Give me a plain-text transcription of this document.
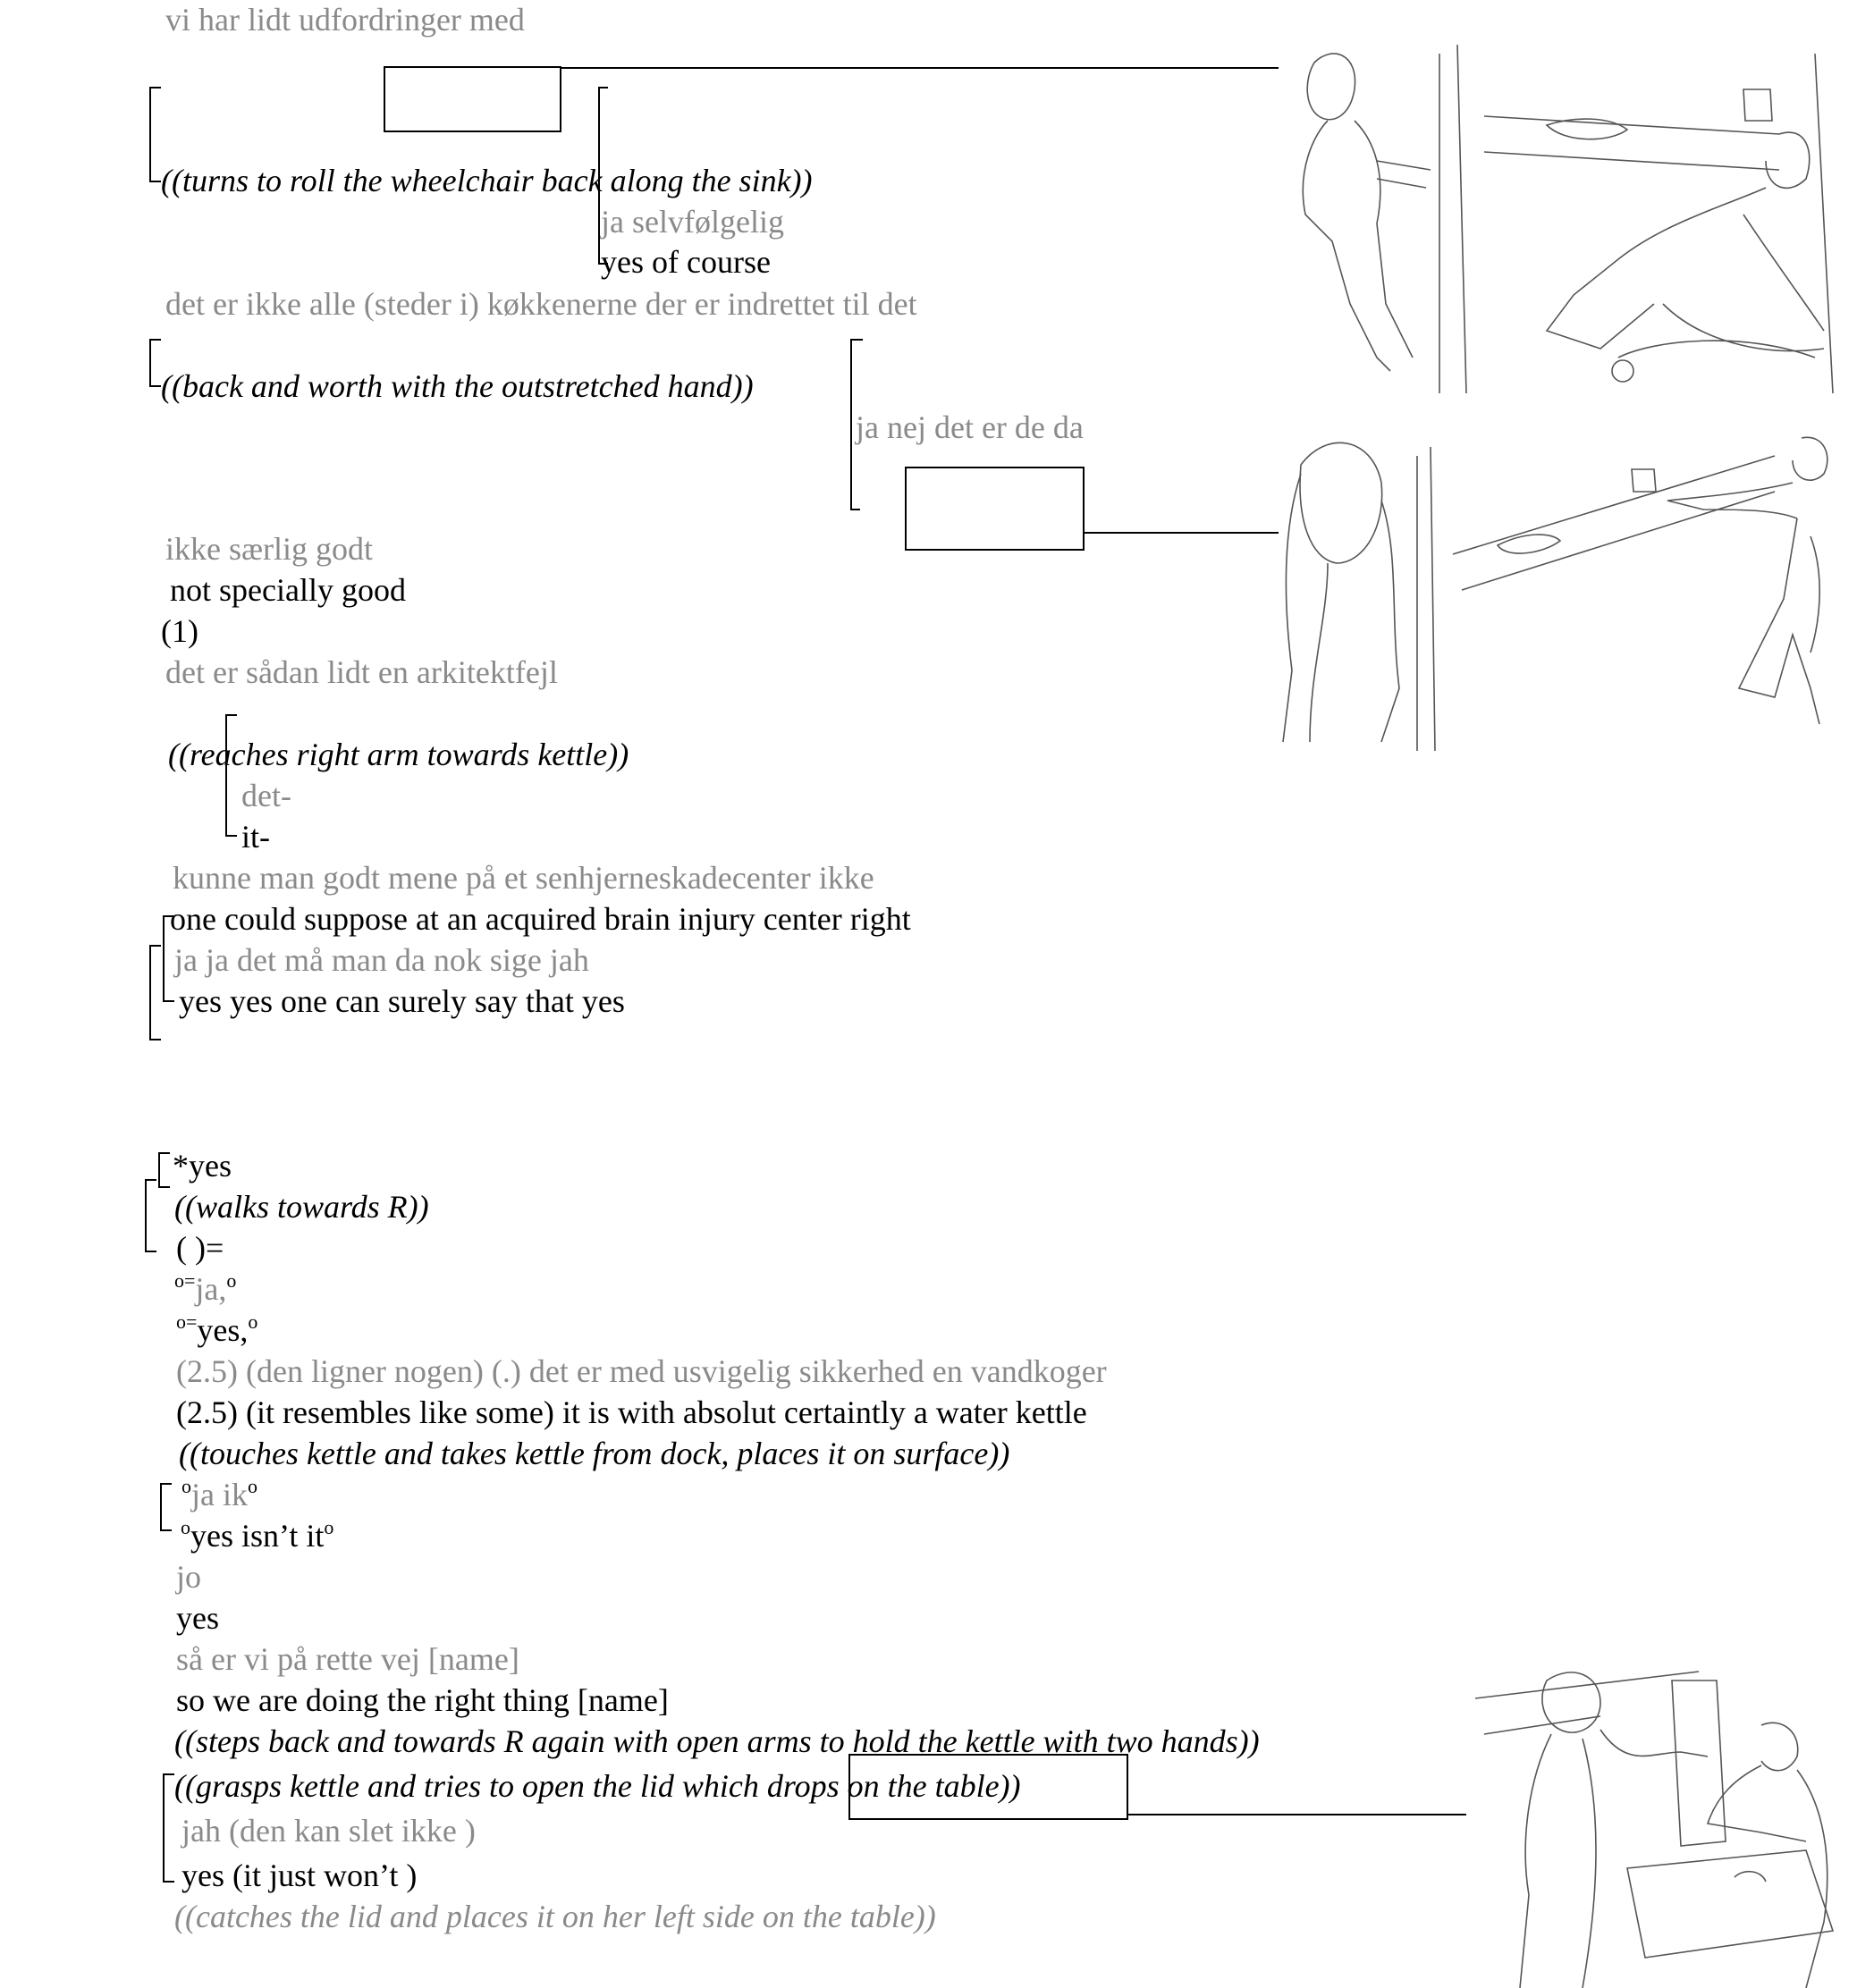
vi har lidt udfordringer med
((turns to roll the wheelchair back along the sink))
ja selvfølgelig
yes of course
det er ikke alle (steder i) køkkenerne der er indrettet til det
((back and worth with the outstretched hand))
ja nej det er de da
ikke særlig godt
not specially good
(1)
det er sådan lidt en arkitektfejl
((reaches right arm towards kettle))
det-
it-
kunne man godt mene på et senhjerneskadecenter ikke
one could suppose at an acquired brain injury center right
ja ja det må man da nok sige jah
yes yes one can surely say that yes
*yes
((walks towards R))
( )=
$^{o=}$ja,$^o$
$^{o=}$yes,$^o$
(2.5) (den ligner nogen) (.) det er med usvigelig sikkerhed en vandkoger
(2.5) (it resembles like some) it is with absolut certaintly a water kettle
((touches kettle and takes kettle from dock, places it on surface))
$^o$ja $ik^o$
$^o$yes isn’t $it^o$
jo
yes
så er vi på rette vej [name]
so we are doing the right thing [name]
((steps back and towards R again with open arms to hold the kettle with two hands))
((grasps kettle and tries to open the lid which drops on the table))
jah (den kan slet ikke )
yes (it just won’t )
((catches the lid and places it on her left side on the table))
